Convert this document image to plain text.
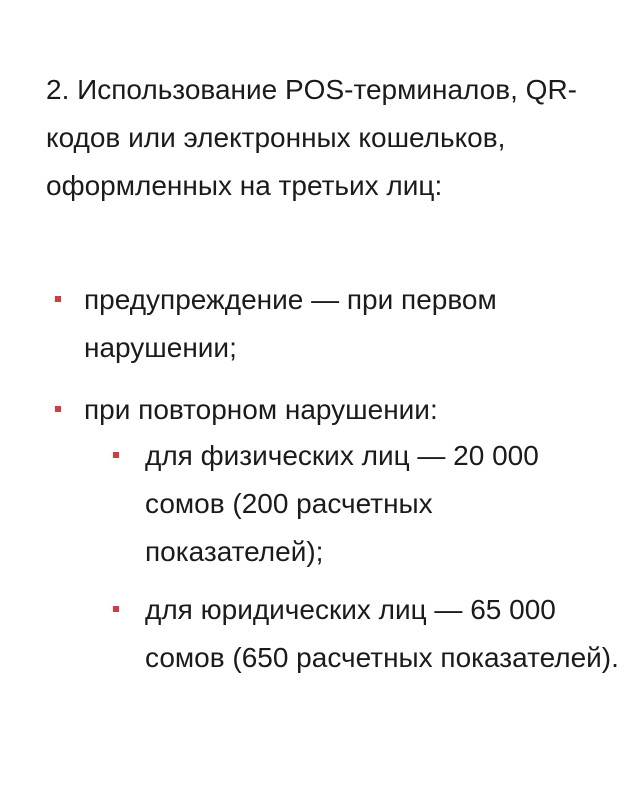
2. Использование POS-терминалов, QR-кодов или электронных кошельков, оформленных на третьих лиц:
предупреждение — при первом нарушении;
при повторном нарушении:
для физических лиц — 20 000 сомов (200 расчетных показателей);
для юридических лиц — 65 000 сомов (650 расчетных показателей).
